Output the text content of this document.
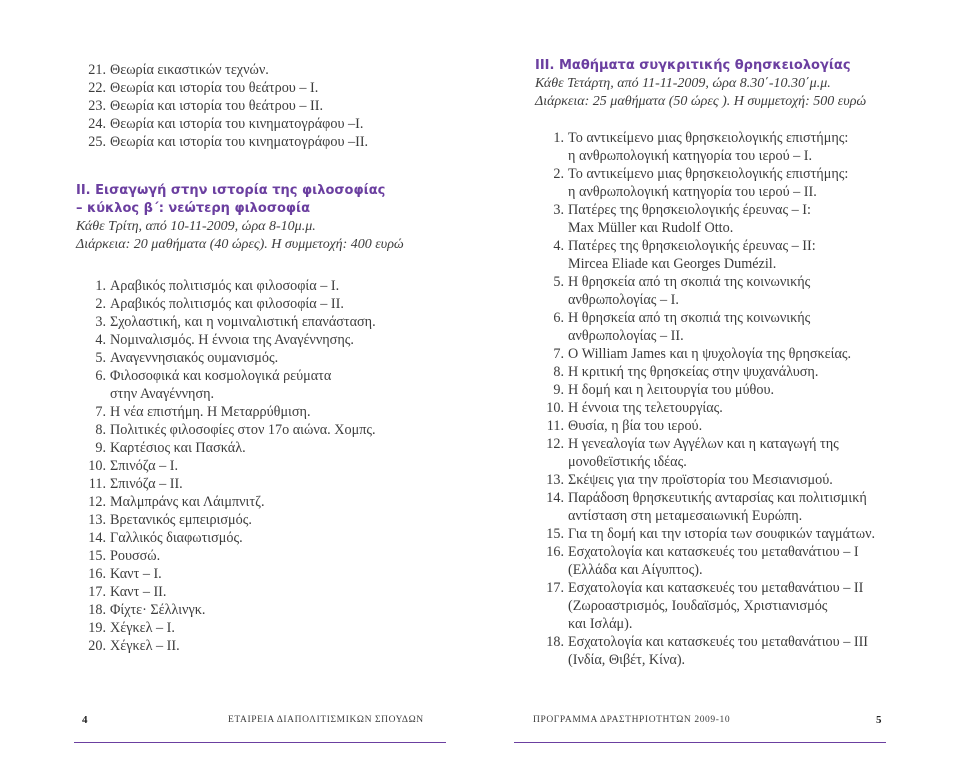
21. Θεωρία εικαστικών τεχνών.
22. Θεωρία και ιστορία του θεάτρου – Ι.
23. Θεωρία και ιστορία του θεάτρου – ΙΙ.
24. Θεωρία και ιστορία του κινηματογράφου –Ι.
25. Θεωρία και ιστορία του κινηματογράφου –ΙΙ.
ΙΙ. Εισαγωγή στην ιστορία της φιλοσοφίας
– κύκλος β΄: νεώτερη φιλοσοφία
Κάθε Τρίτη, από 10-11-2009, ώρα 8-10μ.μ.
Διάρκεια: 20 μαθήματα (40 ώρες). Η συμμετοχή: 400 ευρώ
1. Αραβικός πολιτισμός και φιλοσοφία – Ι.
2. Αραβικός πολιτισμός και φιλοσοφία – ΙΙ.
3. Σχολαστική, και η νομιναλιστική επανάσταση.
4. Νομιναλισμός. Η έννοια της Αναγέννησης.
5. Αναγεννησιακός ουμανισμός.
6. Φιλοσοφικά και κοσμολογικά ρεύματα
στην Αναγέννηση.
7. Η νέα επιστήμη. Η Μεταρρύθμιση.
8. Πολιτικές φιλοσοφίες στον 17ο αιώνα. Χομπς.
9. Καρτέσιος και Πασκάλ.
10. Σπινόζα – Ι.
11. Σπινόζα – ΙΙ.
12. Μαλμπράνς και Λάιμπνιτζ.
13. Βρετανικός εμπειρισμός.
14. Γαλλικός διαφωτισμός.
15. Ρουσσώ.
16. Καντ – Ι.
17. Καντ – ΙΙ.
18. Φίχτε· Σέλλινγκ.
19. Χέγκελ – Ι.
20. Χέγκελ – ΙΙ.
4	ΕΤΑΙΡΕΙΑ ΔΙΑΠΟΛΙΤΙΣΜΙΚΩΝ ΣΠΟΥΔΩΝ
ΙΙΙ. Μαθήματα συγκριτικής θρησκειολογίας
Κάθε Τετάρτη, από 11-11-2009, ώρα 8.30΄-10.30΄μ.μ.
Διάρκεια: 25 μαθήματα (50 ώρες ). Η συμμετοχή: 500 ευρώ
1. Το αντικείμενο μιας θρησκειολογικής επιστήμης:
η ανθρωπολογική κατηγορία του ιερού – Ι.
2. Το αντικείμενο μιας θρησκειολογικής επιστήμης:
η ανθρωπολογική κατηγορία του ιερού – ΙΙ.
3. Πατέρες της θρησκειολογικής έρευνας – Ι:
Max Müller και Rudolf Otto.
4. Πατέρες της θρησκειολογικής έρευνας – ΙΙ:
Mircea Eliade και Georges Dumézil.
5. Η θρησκεία από τη σκοπιά της κοινωνικής
ανθρωπολογίας – Ι.
6. Η θρησκεία από τη σκοπιά της κοινωνικής
ανθρωπολογίας – ΙΙ.
7. Ο William James και η ψυχολογία της θρησκείας.
8. Η κριτική της θρησκείας στην ψυχανάλυση.
9. Η δομή και η λειτουργία του μύθου.
10. Η έννοια της τελετουργίας.
11. Θυσία, η βία του ιερού.
12. Η γενεαλογία των Αγγέλων και η καταγωγή της
μονοθεϊστικής ιδέας.
13. Σκέψεις για την προϊστορία του Μεσιανισμού.
14. Παράδοση θρησκευτικής ανταρσίας και πολιτισμική
αντίσταση στη μεταμεσαιωνική Ευρώπη.
15. Για τη δομή και την ιστορία των σουφικών ταγμάτων.
16. Εσχατολογία και κατασκευές του μεταθανάτιου – Ι
(Ελλάδα και Αίγυπτος).
17. Εσχατολογία και κατασκευές του μεταθανάτιου – ΙΙ
(Ζωροαστρισμός, Ιουδαϊσμός, Χριστιανισμός
και Ισλάμ).
18. Εσχατολογία και κατασκευές του μεταθανάτιου – ΙΙΙ
(Ινδία, Θιβέτ, Κίνα).
ΠΡΟΓΡΑΜΜΑ ΔΡΑΣΤΗΡΙΟΤΗΤΩΝ 2009-10	5
